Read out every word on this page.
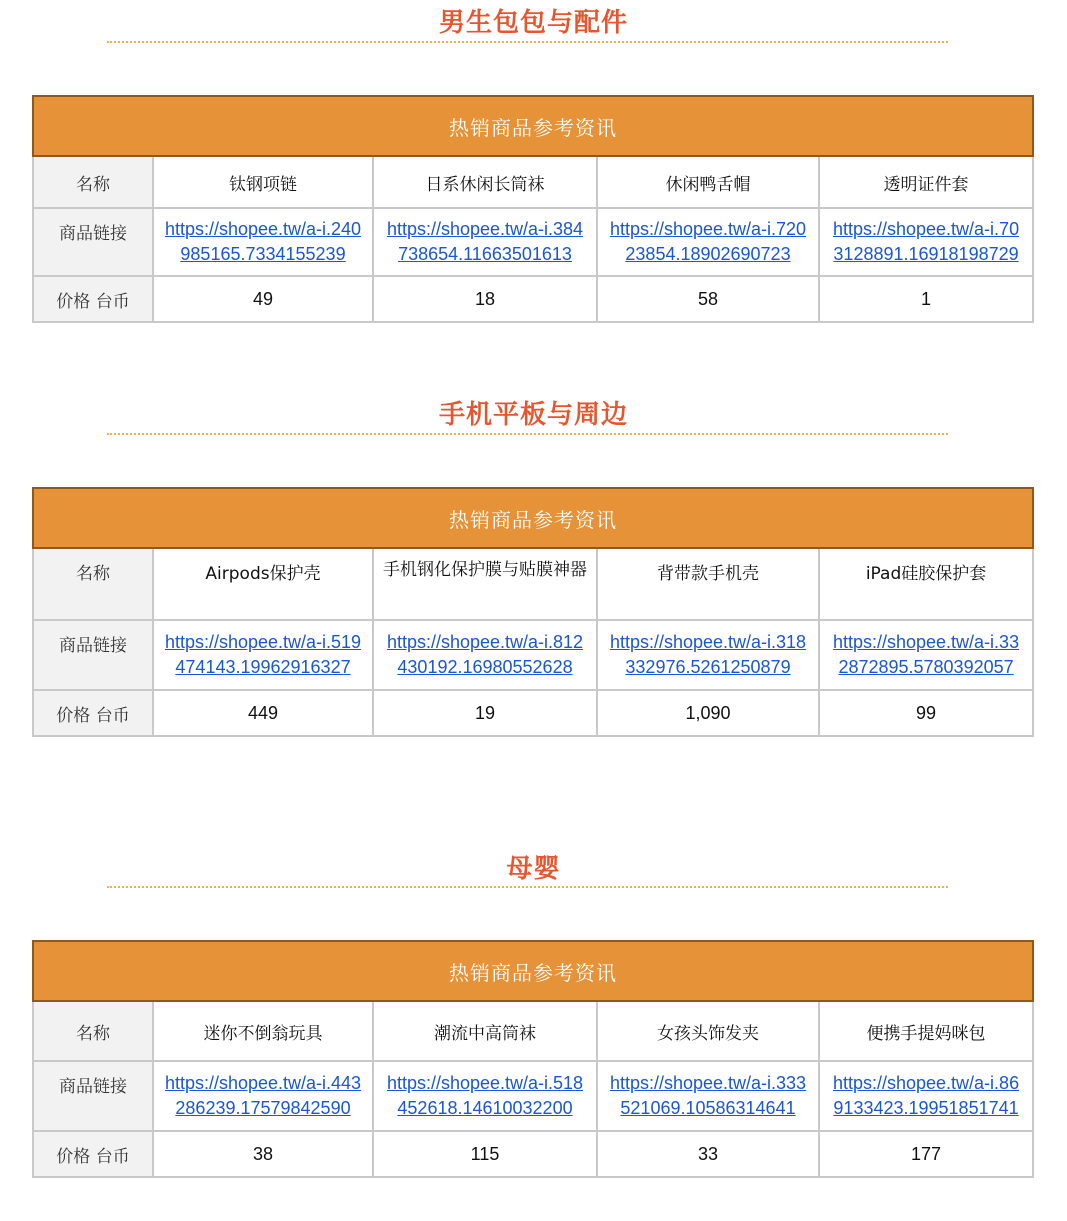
男生包包与配件
热销商品参考资讯				
名称	钛钢项链	日系休闲长筒袜	休闲鸭舌帽	透明证件套
商品链接	https://shopee.tw/a-i.240985165.7334155239	https://shopee.tw/a-i.384738654.11663501613	https://shopee.tw/a-i.72023854.18902690723	https://shopee.tw/a-i.703128891.16918198729
价格 台币	49	18	58	1
手机平板与周边
热销商品参考资讯				
名称	Airpods保护壳	手机钢化保护膜与贴膜神器	背带款手机壳	iPad硅胶保护套
商品链接	https://shopee.tw/a-i.519474143.19962916327	https://shopee.tw/a-i.812430192.16980552628	https://shopee.tw/a-i.318332976.5261250879	https://shopee.tw/a-i.332872895.5780392057
价格 台币	449	19	1,090	99
母婴
热销商品参考资讯				
名称	迷你不倒翁玩具	潮流中高筒袜	女孩头饰发夹	便携手提妈咪包
商品链接	https://shopee.tw/a-i.443286239.17579842590	https://shopee.tw/a-i.518452618.14610032200	https://shopee.tw/a-i.333521069.10586314641	https://shopee.tw/a-i.869133423.19951851741
价格 台币	38	115	33	177
